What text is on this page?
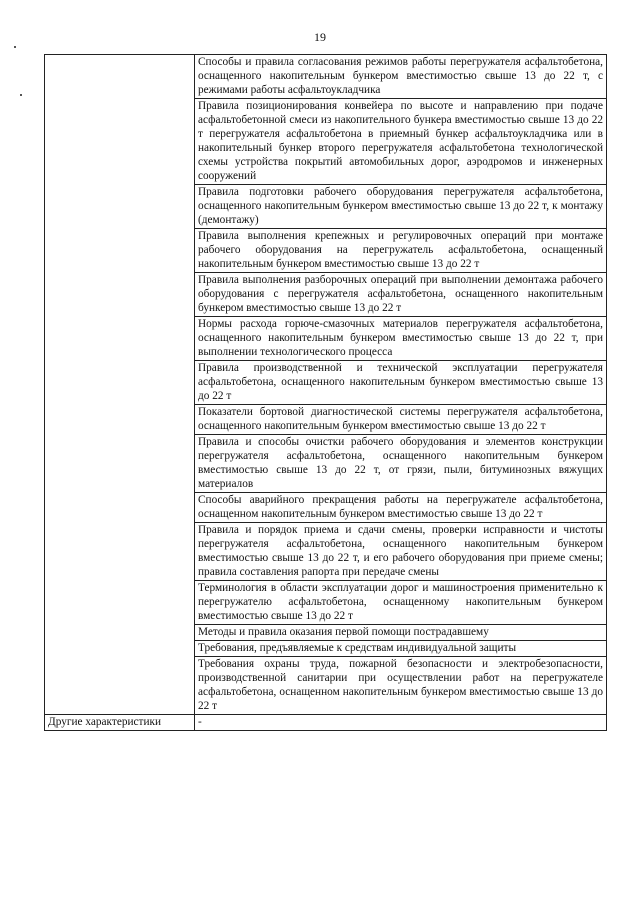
19
	Способы и правила согласования режимов работы перегружателя асфальтобетона, оснащенного накопительным бункером вместимостью свыше 13 до 22 т, с режимами работы асфальтоукладчика
	Правила позиционирования конвейера по высоте и направлению при подаче асфальтобетонной смеси из накопительного бункера вместимостью свыше 13 до 22 т перегружателя асфальтобетона в приемный бункер асфальтоукладчика или в накопительный бункер второго перегружателя асфальтобетона технологической схемы устройства покрытий автомобильных дорог, аэродромов и инженерных сооружений
	Правила подготовки рабочего оборудования перегружателя асфальтобетона, оснащенного накопительным бункером вместимостью свыше 13 до 22 т, к монтажу (демонтажу)
	Правила выполнения крепежных и регулировочных операций при монтаже рабочего оборудования на перегружатель асфальтобетона, оснащенный накопительным бункером вместимостью свыше 13 до 22 т
	Правила выполнения разборочных операций при выполнении демонтажа рабочего оборудования с перегружателя асфальтобетона, оснащенного накопительным бункером вместимостью свыше 13 до 22 т
	Нормы расхода горюче-смазочных материалов перегружателя асфальтобетона, оснащенного накопительным бункером вместимостью свыше 13 до 22 т, при выполнении технологического процесса
	Правила производственной и технической эксплуатации перегружателя асфальтобетона, оснащенного накопительным бункером вместимостью свыше 13 до 22 т
	Показатели бортовой диагностической системы перегружателя асфальтобетона, оснащенного накопительным бункером вместимостью свыше 13 до 22 т
	Правила и способы очистки рабочего оборудования и элементов конструкции перегружателя асфальтобетона, оснащенного накопительным бункером вместимостью свыше 13 до 22 т, от грязи, пыли, битуминозных вяжущих материалов
	Способы аварийного прекращения работы на перегружателе асфальтобетона, оснащенном накопительным бункером вместимостью свыше 13 до 22 т
	Правила и порядок приема и сдачи смены, проверки исправности и чистоты перегружателя асфальтобетона, оснащенного накопительным бункером вместимостью свыше 13 до 22 т, и его рабочего оборудования при приеме смены; правила составления рапорта при передаче смены
	Терминология в области эксплуатации дорог и машиностроения применительно к перегружателю асфальтобетона, оснащенному накопительным бункером вместимостью свыше 13 до 22 т
	Методы и правила оказания первой помощи пострадавшему
	Требования, предъявляемые к средствам индивидуальной защиты
	Требования охраны труда, пожарной безопасности и электробезопасности, производственной санитарии при осуществлении работ на перегружателе асфальтобетона, оснащенном накопительным бункером вместимостью свыше 13 до 22 т
Другие характеристики	-
